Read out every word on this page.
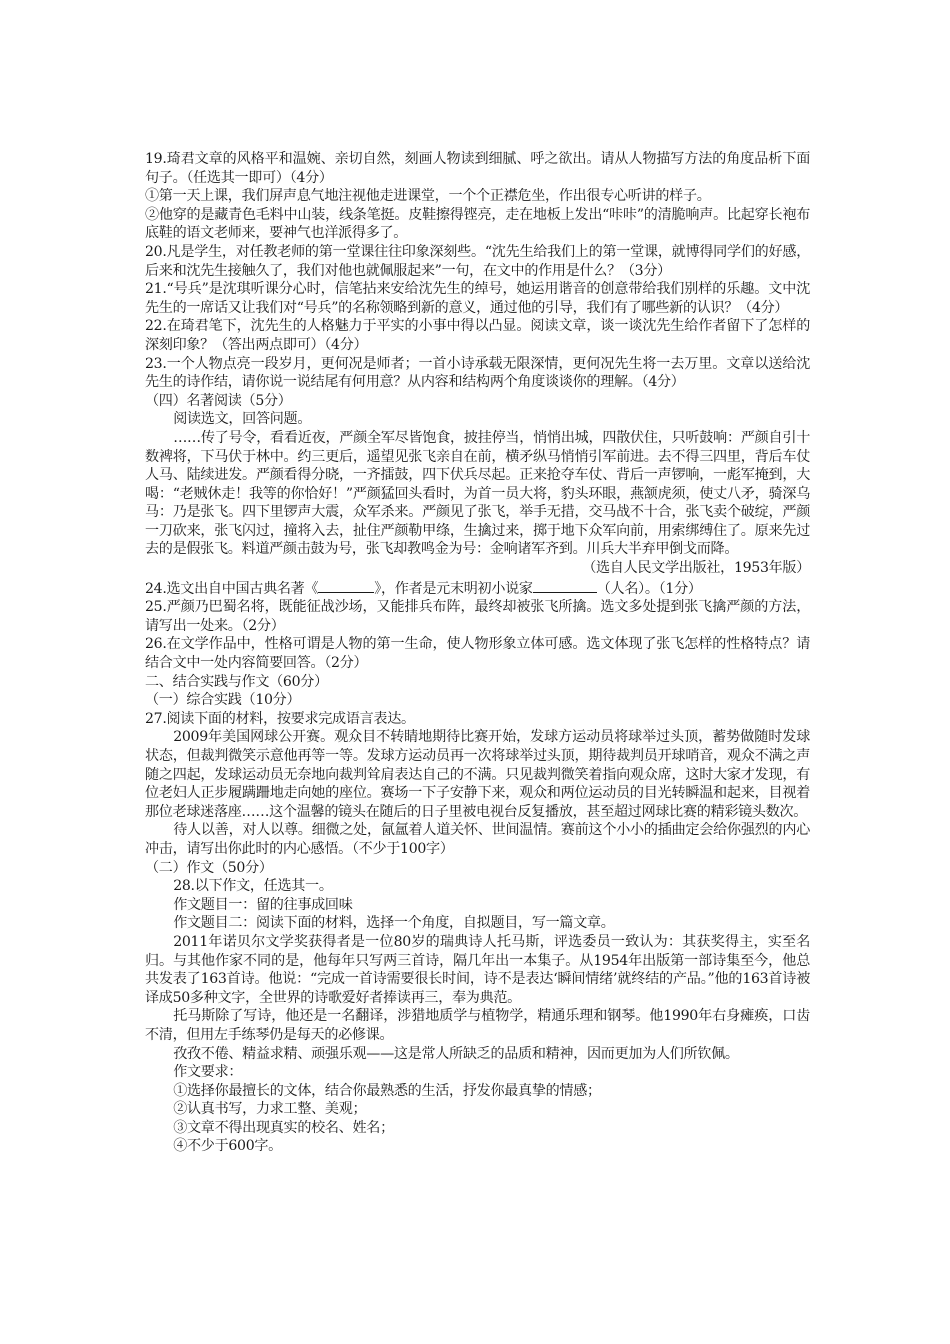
19.琦君文章的风格平和温婉、亲切自然，刻画人物读到细腻、呼之欲出。请从人物描写方法的角度品析下面句子。（任选其一即可）（4分）

①第一天上课，我们屏声息气地注视他走进课堂，一个个正襟危坐，作出很专心听讲的样子。

②他穿的是藏青色毛料中山装，线条笔挺。皮鞋擦得铿亮，走在地板上发出“咔咔”的清脆响声。比起穿长袍布底鞋的语文老师来，要神气也洋派得多了。

20.凡是学生，对任教老师的第一堂课往往印象深刻些。“沈先生给我们上的第一堂课，就博得同学们的好感，后来和沈先生接触久了，我们对他也就佩服起来”一句，在文中的作用是什么？（3分）

21.“号兵”是沈琪听课分心时，信笔拈来安给沈先生的绰号，她运用谐音的创意带给我们别样的乐趣。文中沈先生的一席话又让我们对“号兵”的名称领略到新的意义，通过他的引导，我们有了哪些新的认识？（4分）

22.在琦君笔下，沈先生的人格魅力于平实的小事中得以凸显。阅读文章，谈一谈沈先生给作者留下了怎样的深刻印象？（答出两点即可）（4分）

23.一个人物点亮一段岁月，更何况是师者；一首小诗承载无限深情，更何况先生将一去万里。文章以送给沈先生的诗作结，请你说一说结尾有何用意？从内容和结构两个角度谈谈你的理解。（4分）

（四）名著阅读（5分）

阅读选文，回答问题。

……传了号令，看看近夜，严颜全军尽皆饱食，披挂停当，悄悄出城，四散伏住，只听鼓响：严颜自引十数裨将，下马伏于林中。约三更后，遥望见张飞亲自在前，横矛纵马悄悄引军前进。去不得三四里，背后车仗人马、陆续进发。严颜看得分晓，一齐擂鼓，四下伏兵尽起。正来抢夺车仗、背后一声锣响，一彪军掩到，大喝：“老贼休走！我等的你恰好！”严颜猛回头看时，为首一员大将，豹头环眼，燕颔虎须，使丈八矛，骑深乌马：乃是张飞。四下里锣声大震，众军杀来。严颜见了张飞，举手无措，交马战不十合，张飞卖个破绽，严颜一刀砍来，张飞闪过，撞将入去，扯住严颜勒甲绦，生擒过来，掷于地下众军向前，用索绑缚住了。原来先过去的是假张飞。料道严颜击鼓为号，张飞却教鸣金为号：金响诸军齐到。川兵大半弃甲倒戈而降。

（选自人民文学出版社，1953年版）

24.选文出自中国古典名著《	》，作者是元末明初小说家	（人名）。（1分）

25.严颜乃巴蜀名将，既能征战沙场，又能排兵布阵，最终却被张飞所擒。选文多处提到张飞擒严颜的方法，请写出一处来。（2分）

26.在文学作品中，性格可谓是人物的第一生命，使人物形象立体可感。选文体现了张飞怎样的性格特点？请结合文中一处内容简要回答。（2分）

二、结合实践与作文（60分）

（一）综合实践（10分）

27.阅读下面的材料，按要求完成语言表达。

2009年美国网球公开赛。观众目不转睛地期待比赛开始，发球方运动员将球举过头顶，蓄势做随时发球状态，但裁判微笑示意他再等一等。发球方运动员再一次将球举过头顶，期待裁判员开球哨音，观众不满之声随之四起，发球运动员无奈地向裁判耸肩表达自己的不满。只见裁判微笑着指向观众席，这时大家才发现，有位老妇人正步履蹒跚地走向她的座位。赛场一下子安静下来，观众和两位运动员的目光转瞬温和起来，目视着那位老球迷落座……这个温馨的镜头在随后的日子里被电视台反复播放，甚至超过网球比赛的精彩镜头数次。

待人以善，对人以尊。细微之处，氤氲着人道关怀、世间温情。赛前这个小小的插曲定会给你强烈的内心冲击，请写出你此时的内心感悟。（不少于100字）

（二）作文（50分）

28.以下作文，任选其一。

作文题目一：留的往事成回味

作文题目二：阅读下面的材料，选择一个角度，自拟题目，写一篇文章。

2011年诺贝尔文学奖获得者是一位80岁的瑞典诗人托马斯，评选委员一致认为：其获奖得主，实至名归。与其他作家不同的是，他每年只写两三首诗，隔几年出一本集子。从1954年出版第一部诗集至今，他总共发表了163首诗。他说：“完成一首诗需要很长时间，诗不是表达‘瞬间情绪’就终结的产品。”他的163首诗被译成50多种文字，全世界的诗歌爱好者捧读再三，奉为典范。

托马斯除了写诗，他还是一名翻译，涉猎地质学与植物学，精通乐理和钢琴。他1990年右身瘫痪，口齿不清，但用左手练琴仍是每天的必修课。

孜孜不倦、精益求精、顽强乐观——这是常人所缺乏的品质和精神，因而更加为人们所钦佩。

作文要求：

①选择你最擅长的文体，结合你最熟悉的生活，抒发你最真挚的情感；

②认真书写，力求工整、美观；

③文章不得出现真实的校名、姓名；

④不少于600字。
